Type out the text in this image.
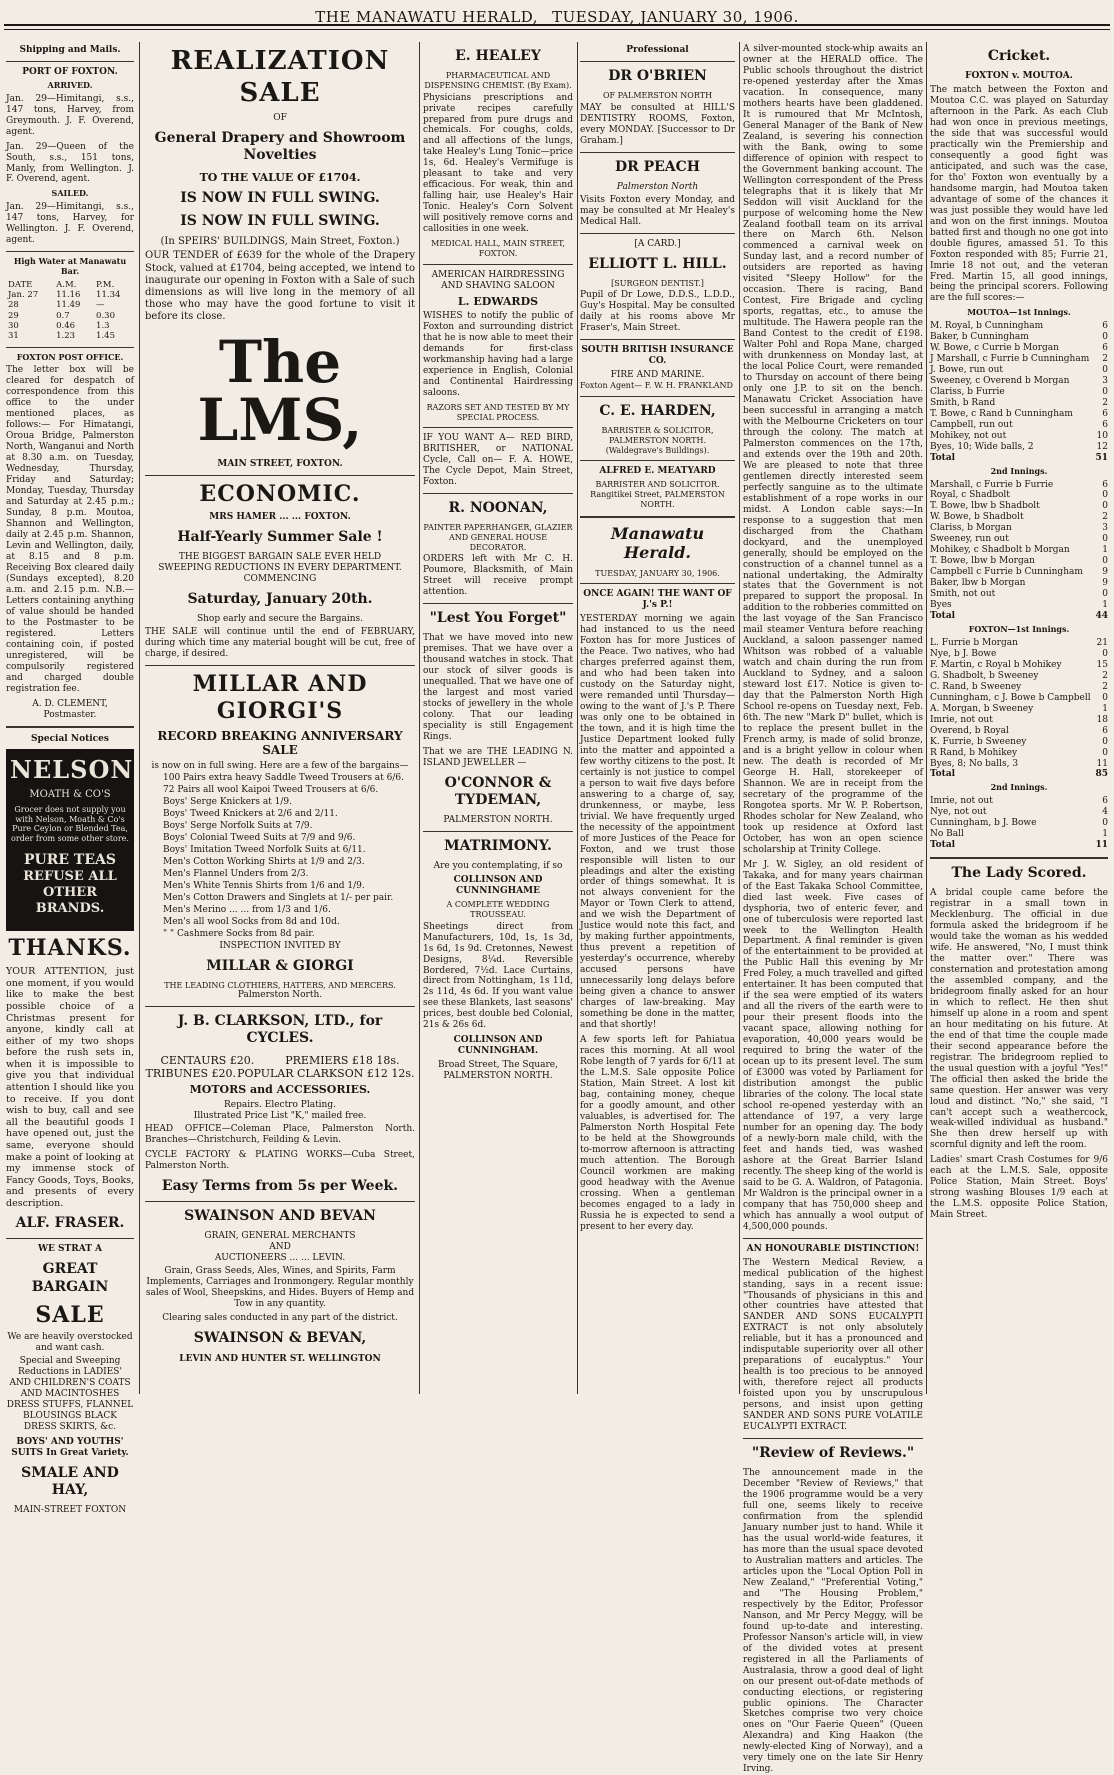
THE MANAWATU HERALD, TUESDAY, JANUARY 30, 1906.
Shipping and Mails.
PORT OF FOXTON.
ARRIVED.

Jan. 29—Himitangi, s.s., 147 tons, Harvey, from Greymouth. J. F. Overend, agent.

Jan. 29—Queen of the South, s.s., 151 tons, Manly, from Wellington. J. F. Overend, agent.

SAILED.

Jan. 29—Himitangi, s.s., 147 tons, Harvey, for Wellington. J. F. Overend, agent.

High Water at Manawatu Bar.
DATE	A.M.	P.M.
Jan. 27	11.16	11.34
28	11.49	—
29	0.7	0.30
30	0.46	1.3
31	1.23	1.45
FOXTON POST OFFICE.

The letter box will be cleared for despatch of correspondence from this office to the under mentioned places, as follows:— For Himatangi, Oroua Bridge, Palmerston North, Wanganui and North at 8.30 a.m. on Tuesday, Wednesday, Thursday, Friday and Saturday; Monday, Tuesday, Thursday and Saturday at 2.45 p.m.; Sunday, 8 p.m. Moutoa, Shannon and Wellington, daily at 2.45 p.m. Shannon, Levin and Wellington, daily, at 8.15 and 8 p.m. Receiving Box cleared daily (Sundays excepted), 8.20 a.m. and 2.15 p.m. N.B.—Letters containing anything of value should be handed to the Postmaster to be registered. Letters containing coin, if posted unregistered, will be compulsorily registered and charged double registration fee.

A. D. CLEMENT, Postmaster.
Special Notices
NELSON
MOATH & CO'S
Grocer does not supply you with Nelson, Moath & Co's Pure Ceylon or Blended Tea, order from some other store.
PURE TEAS
REFUSE ALL OTHER BRANDS.
THANKS.

YOUR ATTENTION, just one moment, if you would like to make the best possible choice of a Christmas present for anyone, kindly call at either of my two shops before the rush sets in, when it is impossible to give you that individual attention I should like you to receive. If you dont wish to buy, call and see all the beautiful goods I have opened out, just the same, everyone should make a point of looking at my immense stock of Fancy Goods, Toys, Books, and presents of every description.

ALF. FRASER.
WE STRAT A
GREAT BARGAIN
SALE
We are heavily overstocked and want cash.

Special and Sweeping Reductions in LADIES' AND CHILDREN'S COATS AND MACINTOSHES DRESS STUFFS, FLANNEL BLOUSINGS BLACK DRESS SKIRTS, &c.

BOYS' AND YOUTHS' SUITS In Great Variety.
SMALE AND HAY,
MAIN-STREET FOXTON
REALIZATION SALE
OF
General Drapery and Showroom Novelties
TO THE VALUE OF £1704.
IS NOW IN FULL SWING.
IS NOW IN FULL SWING.
(In SPEIRS' BUILDINGS, Main Street, Foxton.)

OUR TENDER of £639 for the whole of the Drapery Stock, valued at £1704, being accepted, we intend to inaugurate our opening in Foxton with a Sale of such dimensions as will live long in the memory of all those who may have the good fortune to visit it before its close.

The LMS,
MAIN STREET, FOXTON.
ECONOMIC.
MRS HAMER ... ... FOXTON.
Half-Yearly Summer Sale !
THE BIGGEST BARGAIN SALE EVER HELD
SWEEPING REDUCTIONS IN EVERY DEPARTMENT.
COMMENCING
Saturday, January 20th.
Shop early and secure the Bargains.

THE SALE will continue until the end of FEBRUARY, during which time any material bought will be cut, free of charge, if desired.

MILLAR AND GIORGI'S
RECORD BREAKING ANNIVERSARY SALE
is now on in full swing. Here are a few of the bargains—
100 Pairs extra heavy Saddle Tweed Trousers at 6/6.
72 Pairs all wool Kaipoi Tweed Trousers at 6/6.
Boys' Serge Knickers at 1/9.
Boys' Tweed Knickers at 2/6 and 2/11.
Boys' Serge Norfolk Suits at 7/9.
Boys' Colonial Tweed Suits at 7/9 and 9/6.
Boys' Imitation Tweed Norfolk Suits at 6/11.
Men's Cotton Working Shirts at 1/9 and 2/3.
Men's Flannel Unders from 2/3.
Men's White Tennis Shirts from 1/6 and 1/9.
Men's Cotton Drawers and Singlets at 1/- per pair.
Men's Merino ... ... from 1/3 and 1/6.
Men's all wool Socks from 8d and 10d.
" " Cashmere Socks from 8d pair.
INSPECTION INVITED BY
MILLAR & GIORGI
THE LEADING CLOTHIERS, HATTERS, AND MERCERS.
Palmerston North.
J. B. CLARKSON, LTD., for CYCLES.
CENTAURS £20.	PREMIERS £18 18s.
TRIBUNES £20. POPULAR CLARKSON £12 12s.
MOTORS and ACCESSORIES.
Repairs. Electro Plating.
Illustrated Price List "K," mailed free.

HEAD OFFICE—Coleman Place, Palmerston North. Branches—Christchurch, Feilding & Levin.

CYCLE FACTORY & PLATING WORKS—Cuba Street, Palmerston North.

Easy Terms from 5s per Week.
SWAINSON AND BEVAN
GRAIN, GENERAL MERCHANTS
AND
AUCTIONEERS ... ... LEVIN.

Grain, Grass Seeds, Ales, Wines, and Spirits, Farm Implements, Carriages and Ironmongery. Regular monthly sales of Wool, Sheepskins, and Hides. Buyers of Hemp and Tow in any quantity.

Clearing sales conducted in any part of the district.
SWAINSON & BEVAN,
LEVIN AND HUNTER ST. WELLINGTON
E. HEALEY
PHARMACEUTICAL AND DISPENSING CHEMIST. (By Exam).

Physicians prescriptions and private recipes carefully prepared from pure drugs and chemicals. For coughs, colds, and all affections of the lungs, take Healey's Lung Tonic—price 1s, 6d. Healey's Vermifuge is pleasant to take and very efficacious. For weak, thin and falling hair, use Healey's Hair Tonic. Healey's Corn Solvent will positively remove corns and callosities in one week.

MEDICAL HALL, MAIN STREET, FOXTON.
AMERICAN HAIRDRESSING AND SHAVING SALOON
L. EDWARDS

WISHES to notify the public of Foxton and surrounding district that he is now able to meet their demands for first-class workmanship having had a large experience in English, Colonial and Continental Hairdressing saloons.

RAZORS SET AND TESTED BY MY SPECIAL PROCESS.

IF YOU WANT A— RED BIRD, BRITISHER, or NATIONAL Cycle, Call on— F. A. HOWE, The Cycle Depot, Main Street, Foxton.

R. NOONAN,
PAINTER PAPERHANGER, GLAZIER AND GENERAL HOUSE DECORATOR.

ORDERS left with Mr C. H. Poumore, Blacksmith, of Main Street will receive prompt attention.

"Lest You Forget"

That we have moved into new premises. That we have over a thousand watches in stock. That our stock of silver goods is unequalled. That we have one of the largest and most varied stocks of jewellery in the whole colony. That our leading speciality is still Engagement Rings.

That we are THE LEADING N. ISLAND JEWELLER —

O'CONNOR & TYDEMAN,
PALMERSTON NORTH.
MATRIMONY.
Are you contemplating, if so
COLLINSON AND CUNNINGHAME
A COMPLETE WEDDING TROUSSEAU.

Sheetings direct from Manufacturers, 10d, 1s, 1s 3d, 1s 6d, 1s 9d. Cretonnes, Newest Designs, 8¼d. Reversible Bordered, 7½d. Lace Curtains, direct from Nottingham, 1s 11d, 2s 11d, 4s 6d. If you want value see these Blankets, last seasons' prices, best double bed Colonial, 21s & 26s 6d.

COLLINSON AND CUNNINGHAM.
Broad Street, The Square, PALMERSTON NORTH.
Professional
DR O'BRIEN
OF PALMERSTON NORTH

MAY be consulted at HILL'S DENTISTRY ROOMS, Foxton, every MONDAY. [Successor to Dr Graham.]

DR PEACH
Palmerston North

Visits Foxton every Monday, and may be consulted at Mr Healey's Medical Hall.

[A CARD.]
ELLIOTT L. HILL.
[SURGEON DENTIST.]

Pupil of Dr Lowe, D.D.S., L.D.D., Guy's Hospital. May be consulted daily at his rooms above Mr Fraser's, Main Street.

SOUTH BRITISH INSURANCE CO.
FIRE AND MARINE.
Foxton Agent— F. W. H. FRANKLAND
C. E. HARDEN,
BARRISTER & SOLICITOR, PALMERSTON NORTH. (Waldegrave's Buildings).
ALFRED E. MEATYARD
BARRISTER AND SOLICITOR. Rangitikei Street, PALMERSTON NORTH.
Manawatu Herald.
TUESDAY, JANUARY 30, 1906.
ONCE AGAIN! THE WANT OF J.'s P.!

YESTERDAY morning we again had instanced to us the need Foxton has for more Justices of the Peace. Two natives, who had charges preferred against them, and who had been taken into custody on the Saturday night, were remanded until Thursday—owing to the want of J.'s P. There was only one to be obtained in the town, and it is high time the Justice Department looked fully into the matter and appointed a few worthy citizens to the post. It certainly is not justice to compel a person to wait five days before answering to a charge of, say, drunkenness, or maybe, less trivial. We have frequently urged the necessity of the appointment of more Justices of the Peace for Foxton, and we trust those responsible will listen to our pleadings and alter the existing order of things somewhat. It is not always convenient for the Mayor or Town Clerk to attend, and we wish the Department of Justice would note this fact, and by making further appointments, thus prevent a repetition of yesterday's occurrence, whereby accused persons have unnecessarily long delays before being given a chance to answer charges of law-breaking. May something be done in the matter, and that shortly!

A few sports left for Pahiatua races this morning. At all wool Robe length of 7 yards for 6/11 at the L.M.S. Sale opposite Police Station, Main Street. A lost kit bag, containing money, cheque for a goodly amount, and other valuables, is advertised for. The Palmerston North Hospital Fete to be held at the Showgrounds to-morrow afternoon is attracting much attention. The Borough Council workmen are making good headway with the Avenue crossing. When a gentleman becomes engaged to a lady in Russia he is expected to send a present to her every day.

A silver-mounted stock-whip awaits an owner at the HERALD office. The Public schools throughout the district re-opened yesterday after the Xmas vacation. In consequence, many mothers hearts have been gladdened. It is rumoured that Mr McIntosh, General Manager of the Bank of New Zealand, is severing his connection with the Bank, owing to some difference of opinion with respect to the Government banking account. The Wellington correspondent of the Press telegraphs that it is likely that Mr Seddon will visit Auckland for the purpose of welcoming home the New Zealand football team on its arrival there on March 6th. Nelson commenced a carnival week on Sunday last, and a record number of outsiders are reported as having visited "Sleepy Hollow" for the occasion. There is racing, Band Contest, Fire Brigade and cycling sports, regattas, etc., to amuse the multitude. The Hawera people ran the Band Contest to the credit of £198. Walter Pohl and Ropa Mane, charged with drunkenness on Monday last, at the local Police Court, were remanded to Thursday on account of there being only one J.P. to sit on the bench. Manawatu Cricket Association have been successful in arranging a match with the Melbourne Cricketers on tour through the colony. The match at Palmerston commences on the 17th, and extends over the 19th and 20th. We are pleased to note that three gentlemen directly interested seem perfectly sanguine as to the ultimate establishment of a rope works in our midst. A London cable says:—In response to a suggestion that men discharged from the Chatham dockyard, and the unemployed generally, should be employed on the construction of a channel tunnel as a national undertaking, the Admiralty states that the Government is not prepared to support the proposal. In addition to the robberies committed on the last voyage of the San Francisco mail steamer Ventura before reaching Auckland, a saloon passenger named Whitson was robbed of a valuable watch and chain during the run from Auckland to Sydney, and a saloon steward lost £17. Notice is given to-day that the Palmerston North High School re-opens on Tuesday next, Feb. 6th. The new "Mark D" bullet, which is to replace the present bullet in the French army, is made of solid bronze, and is a bright yellow in colour when new. The death is recorded of Mr George H. Hall, storekeeper of Shannon. We are in receipt from the secretary of the programme of the Rongotea sports. Mr W. P. Robertson, Rhodes scholar for New Zealand, who took up residence at Oxford last October, has won an open science scholarship at Trinity College.

Mr J. W. Sigley, an old resident of Takaka, and for many years chairman of the East Takaka School Committee, died last week. Five cases of dysphoria, two of enteric fever, and one of tuberculosis were reported last week to the Wellington Health Department. A final reminder is given of the entertainment to be provided at the Public Hall this evening by Mr Fred Foley, a much travelled and gifted entertainer. It has been computed that if the sea were emptied of its waters and all the rivers of the earth were to pour their present floods into the vacant space, allowing nothing for evaporation, 40,000 years would be required to bring the water of the ocean up to its present level. The sum of £3000 was voted by Parliament for distribution amongst the public libraries of the colony. The local state school re-opened yesterday with an attendance of 197, a very large number for an opening day. The body of a newly-born male child, with the feet and hands tied, was washed ashore at the Great Barrier Island recently. The sheep king of the world is said to be G. A. Waldron, of Patagonia. Mr Waldron is the principal owner in a company that has 750,000 sheep and which has annually a wool output of 4,500,000 pounds.

AN HONOURABLE DISTINCTION!

The Western Medical Review, a medical publication of the highest standing, says in a recent issue: "Thousands of physicians in this and other countries have attested that SANDER AND SONS EUCALYPTI EXTRACT is not only absolutely reliable, but it has a pronounced and indisputable superiority over all other preparations of eucalyptus." Your health is too precious to be annoyed with, therefore reject all products foisted upon you by unscrupulous persons, and insist upon getting SANDER AND SONS PURE VOLATILE EUCALYPTI EXTRACT.

"Review of Reviews."

The announcement made in the December "Review of Reviews," that the 1906 programme would be a very full one, seems likely to receive confirmation from the splendid January number just to hand. While it has the usual world-wide features, it has more than the usual space devoted to Australian matters and articles. The articles upon the "Local Option Poll in New Zealand," "Preferential Voting," and "The Housing Problem," respectively by the Editor, Professor Nanson, and Mr Percy Meggy, will be found up-to-date and interesting. Professor Nanson's article will, in view of the divided votes at present registered in all the Parliaments of Australasia, throw a good deal of light on our present out-of-date methods of conducting elections, or registering public opinions. The Character Sketches comprise two very choice ones on "Our Faerie Queen" (Queen Alexandra) and King Haakon (the newly-elected King of Norway), and a very timely one on the late Sir Henry Irving.

Cricket.
FOXTON v. MOUTOA.

The match between the Foxton and Moutoa C.C. was played on Saturday afternoon in the Park. As each Club had won once in previous meetings, the side that was successful would practically win the Premiership and consequently a good fight was anticipated, and such was the case, for tho' Foxton won eventually by a handsome margin, had Moutoa taken advantage of some of the chances it was just possible they would have led and won on the first innings. Moutoa batted first and though no one got into double figures, amassed 51. To this Foxton responded with 85; Furrie 21, Imrie 18 not out, and the veteran Fred. Martin 15, all good innings, being the principal scorers. Following are the full scores:—

MOUTOA—1st Innings.
M. Royal, b Cunningham	6
Baker, b Cunningham	0
W. Bowe, c Currie b Morgan	6
J Marshall, c Furrie b Cunningham 2
J. Bowe, run out	0
Sweeney, c Overend b Morgan	3
Clariss, b Furrie	0
Smith, b Rand	2
T. Bowe, c Rand b Cunningham	6
Campbell, run out	6
Mohikey, not out	10
Byes, 10; Wide balls, 2	12
Total	51
2nd Innings.
Marshall, c Furrie b Furrie	6
Royal, c Shadbolt	0
T. Bowe, lbw b Shadbolt	0
W. Bowe, b Shadbolt	2
Clariss, b Morgan	3
Sweeney, run out	0
Mohikey, c Shadbolt b Morgan	1
T. Bowe, lbw b Morgan	0
Campbell c Furrie b Cunningham 9
Baker, lbw b Morgan	9
Smith, not out	0
Byes	1
Total	44
FOXTON—1st Innings.
L. Furrie b Morgan	21
Nye, b J. Bowe	0
F. Martin, c Royal b Mohikey	15
G. Shadbolt, b Sweeney	2
C. Rand, b Sweeney	2
Cunningham, c J. Bowe b Campbell 0
A. Morgan, b Sweeney	1
Imrie, not out	18
Overend, b Royal	6
K. Furrie, b Sweeney	0
R Rand, b Mohikey	0
Byes, 8; No balls, 3	11
Total	85
2nd Innings.
Imrie, not out	6
Nye, not out	4
Cunningham, b J. Bowe	0
No Ball	1
Total	11
The Lady Scored.

A bridal couple came before the registrar in a small town in Mecklenburg. The official in due formula asked the bridegroom if he would take the woman as his wedded wife. He answered, "No, I must think the matter over." There was consternation and protestation among the assembled company, and the bridegroom finally asked for an hour in which to reflect. He then shut himself up alone in a room and spent an hour meditating on his future. At the end of that time the couple made their second appearance before the registrar. The bridegroom replied to the usual question with a joyful "Yes!" The official then asked the bride the same question. Her answer was very loud and distinct. "No," she said, "I can't accept such a weathercock, weak-willed individual as husband." She then drew herself up with scornful dignity and left the room.

Ladies' smart Crash Costumes for 9/6 each at the L.M.S. Sale, opposite Police Station, Main Street. Boys' strong washing Blouses 1/9 each at the L.M.S. opposite Police Station, Main Street.
